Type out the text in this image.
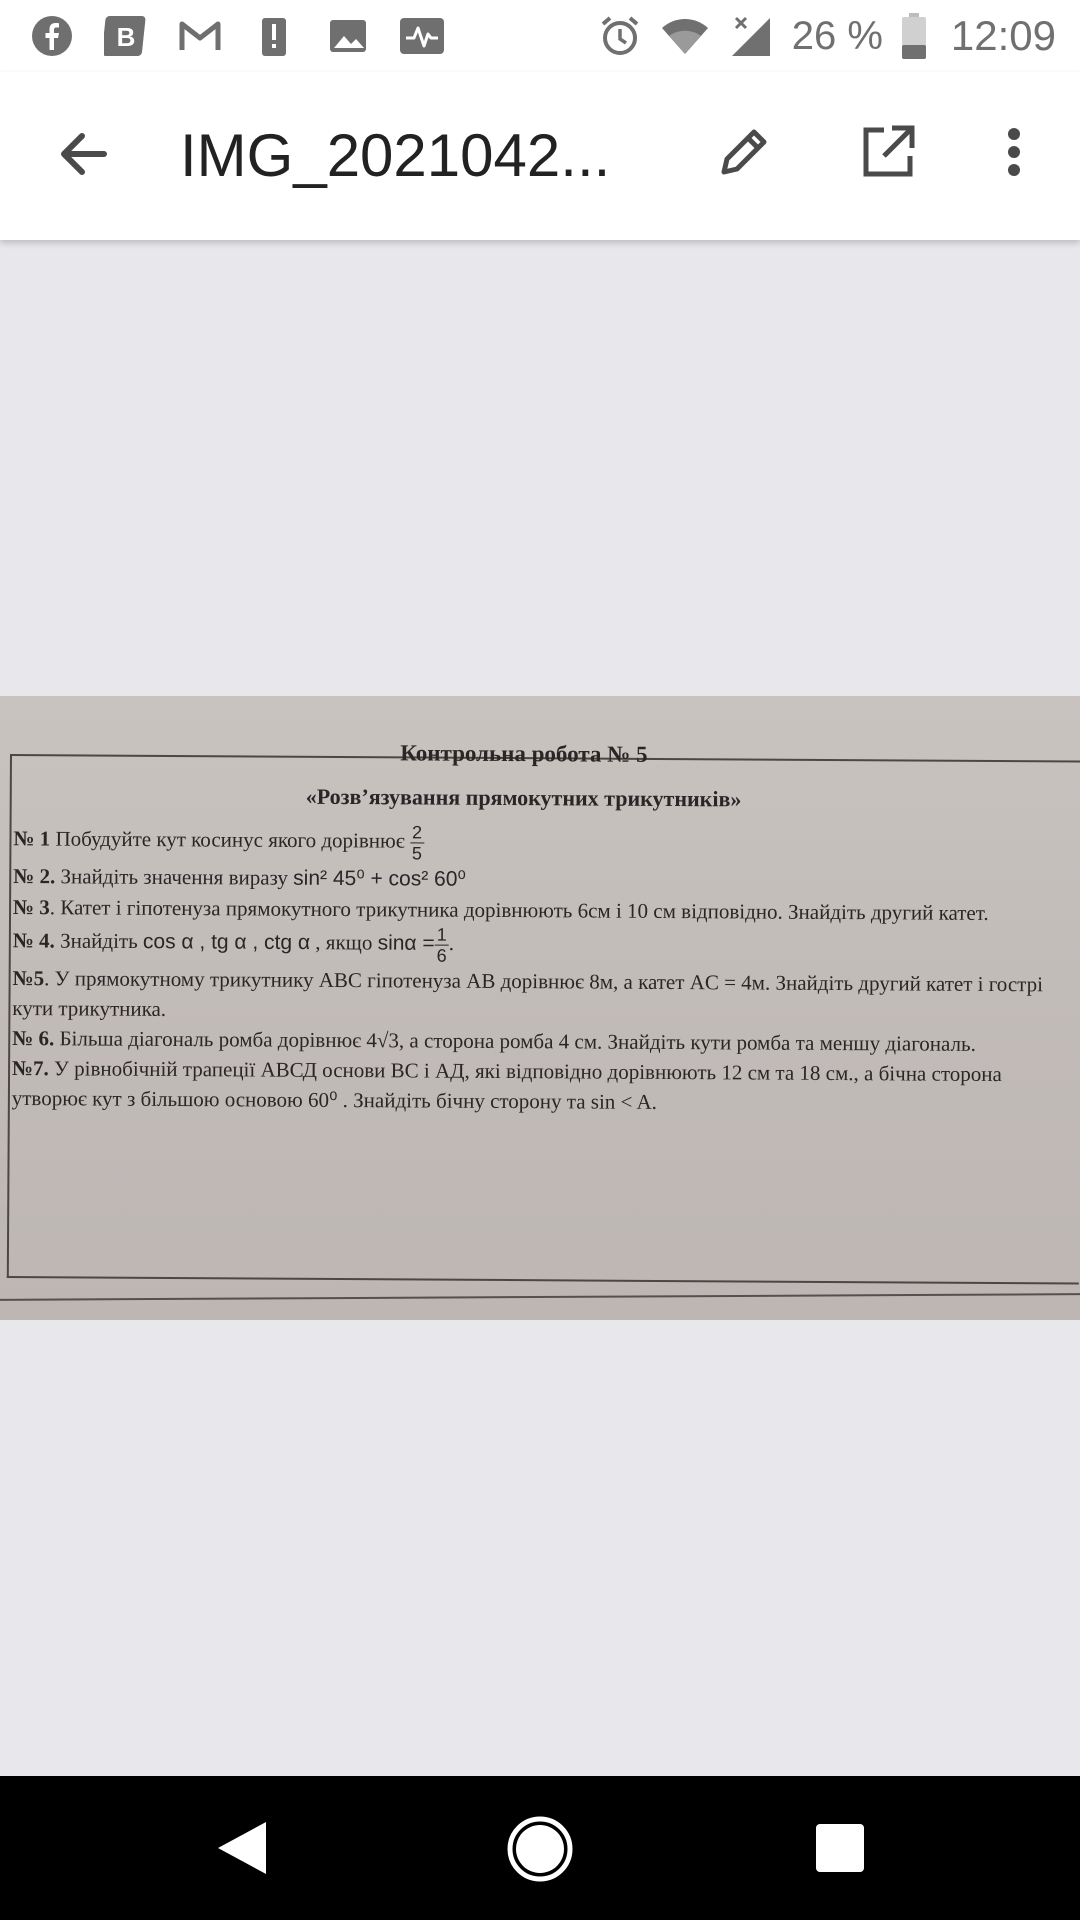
B	26 % 12:09
IMG_2021042...

Контрольна робота № 5

«Розв’язування прямокутних трикутників»

№ 1 Побудуйте кут косинус якого дорівнює $\frac{2}{5}$

№ 2. Знайдіть значення виразу sin² 45⁰ + cos² 60⁰

№ 3. Катет і гіпотенуза прямокутного трикутника дорівнюють 6см і 10 см відповідно. Знайдіть другий катет.

№ 4. Знайдіть cos α , tg α , ctg α , якщо $\sin\alpha = \frac{1}{6}$ .

№5. У прямокутному трикутнику ABC гіпотенуза AB дорівнює 8м, а катет AC = 4м. Знайдіть другий катет і гострі кути трикутника.

№ 6. Більша діагональ ромба дорівнює 4√3, а сторона ромба 4 см. Знайдіть кути ромба та меншу діагональ.

№7. У рівнобічній трапеції АВСД основи ВС і АД, які відповідно дорівнюють 12 см та 18 см., а бічна сторона утворює кут з більшою основою 60⁰ . Знайдіть бічну сторону та sin < A.
